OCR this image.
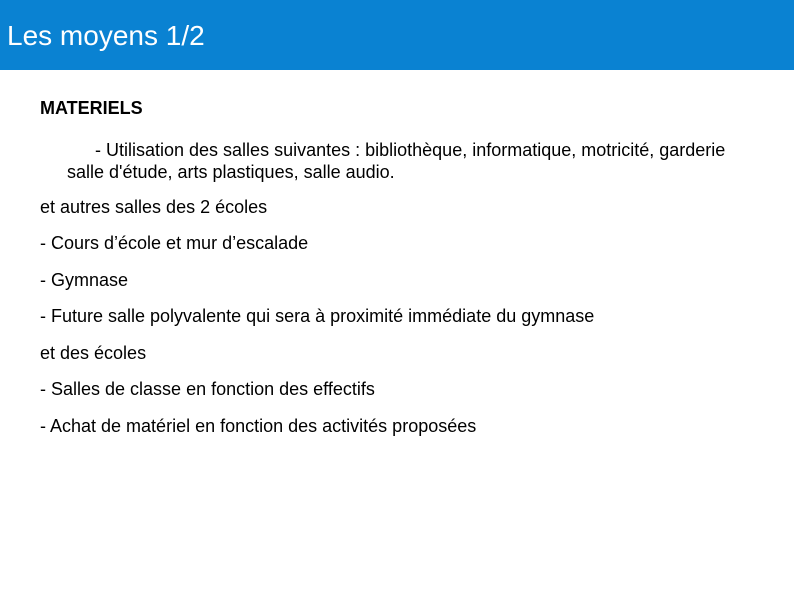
Les moyens 1/2
MATERIELS
- Utilisation des salles suivantes : bibliothèque, informatique, motricité, garderie
salle d'étude, arts plastiques, salle audio.
et autres salles des 2 écoles
- Cours d’école et mur d’escalade
- Gymnase
- Future salle polyvalente qui sera à proximité immédiate du gymnase
et des écoles
- Salles de classe en fonction des effectifs
- Achat de matériel en fonction des activités proposées
